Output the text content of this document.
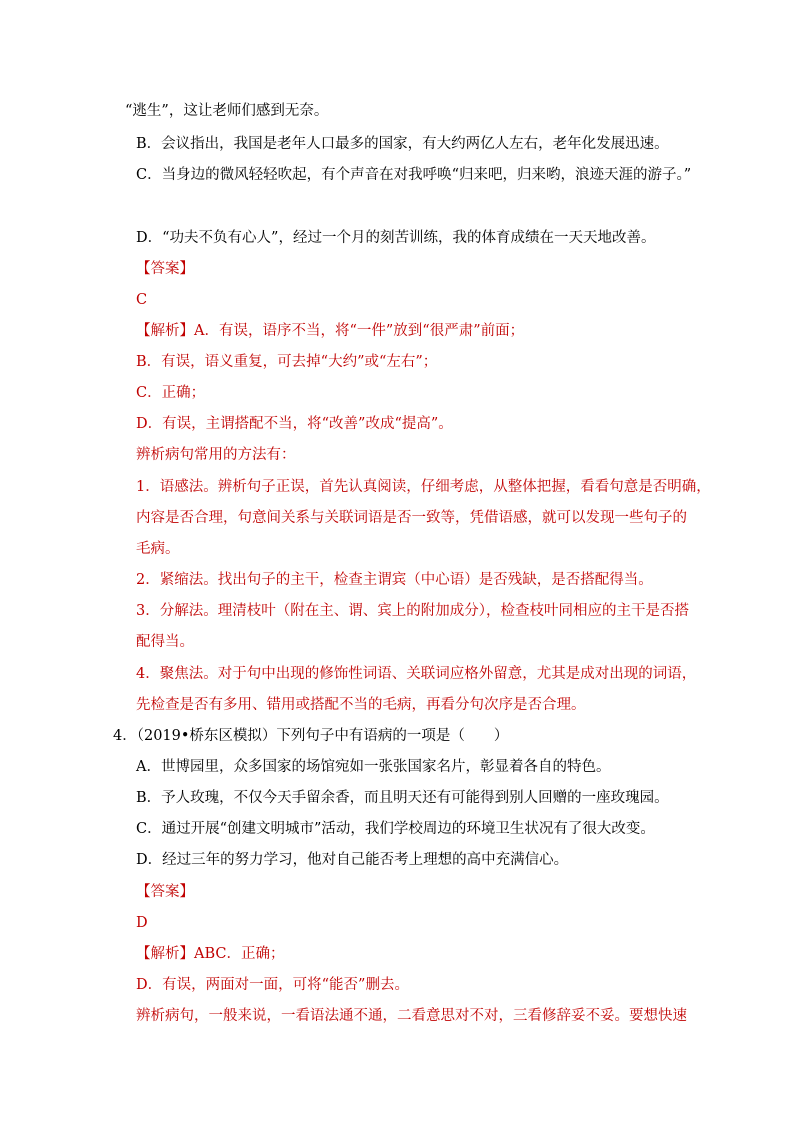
“逃生”，这让老师们感到无奈。
B．会议指出，我国是老年人口最多的国家，有大约两亿人左右，老年化发展迅速。
C．当身边的微风轻轻吹起，有个声音在对我呼唤“归来吧，归来哟，浪迹天涯的游子。”
D．“功夫不负有心人”，经过一个月的刻苦训练，我的体育成绩在一天天地改善。
【答案】
C
【解析】A．有误，语序不当，将“一件”放到“很严肃”前面；
B．有误，语义重复，可去掉“大约”或“左右”；
C．正确；
D．有误，主谓搭配不当，将“改善”改成“提高”。
辨析病句常用的方法有：
1．语感法。辨析句子正误，首先认真阅读，仔细考虑，从整体把握，看看句意是否明确，
内容是否合理，句意间关系与关联词语是否一致等，凭借语感，就可以发现一些句子的
毛病。
2．紧缩法。找出句子的主干，检查主谓宾（中心语）是否残缺，是否搭配得当。
3．分解法。理清枝叶（附在主、谓、宾上的附加成分），检查枝叶同相应的主干是否搭
配得当。
4．聚焦法。对于句中出现的修饰性词语、关联词应格外留意，尤其是成对出现的词语，
先检查是否有多用、错用或搭配不当的毛病，再看分句次序是否合理。
4．（2019•桥东区模拟）下列句子中有语病的一项是（　　）
A．世博园里，众多国家的场馆宛如一张张国家名片，彰显着各自的特色。
B．予人玫瑰，不仅今天手留余香，而且明天还有可能得到别人回赠的一座玫瑰园。
C．通过开展“创建文明城市”活动，我们学校周边的环境卫生状况有了很大改变。
D．经过三年的努力学习，他对自己能否考上理想的高中充满信心。
【答案】
D
【解析】ABC．正确；
D．有误，两面对一面，可将“能否”删去。
辨析病句，一般来说，一看语法通不通，二看意思对不对，三看修辞妥不妥。要想快速
